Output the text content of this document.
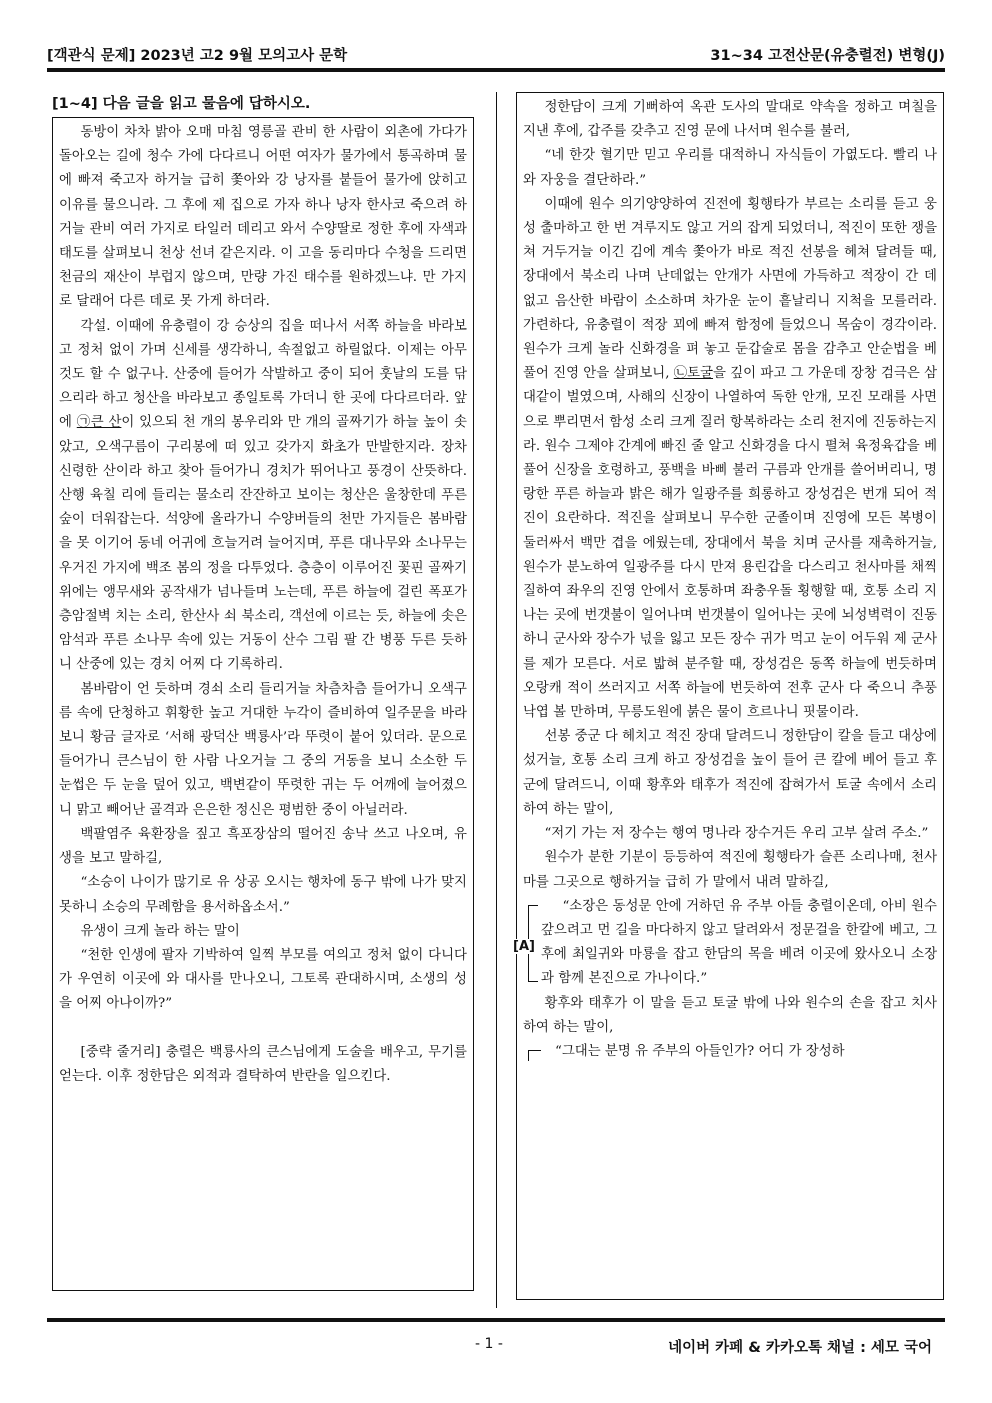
[객관식 문제] 2023년 고2 9월 모의고사 문학	31~34 고전산문(유충렬전) 변형(J)
[1~4] 다음 글을 읽고 물음에 답하시오.

동방이 차차 밝아 오매 마침 영릉골 관비 한 사람이 외촌에 가다가 돌아오는 길에 청수 가에 다다르니 어떤 여자가 물가에서 통곡하며 물에 빠져 죽고자 하거늘 급히 쫓아와 강 낭자를 붙들어 물가에 앉히고 이유를 물으니라. 그 후에 제 집으로 가자 하나 낭자 한사코 죽으려 하거늘 관비 여러 가지로 타일러 데리고 와서 수양딸로 정한 후에 자색과 태도를 살펴보니 천상 선녀 같은지라. 이 고을 동리마다 수청을 드리면 천금의 재산이 부럽지 않으며, 만량 가진 태수를 원하겠느냐. 만 가지로 달래어 다른 데로 못 가게 하더라.

각설. 이때에 유충렬이 강 승상의 집을 떠나서 서쪽 하늘을 바라보고 정처 없이 가며 신세를 생각하니, 속절없고 하릴없다. 이제는 아무것도 할 수 없구나. 산중에 들어가 삭발하고 중이 되어 훗날의 도를 닦으리라 하고 청산을 바라보고 종일토록 가더니 한 곳에 다다르더라. 앞에 ㉠큰 산이 있으되 천 개의 봉우리와 만 개의 골짜기가 하늘 높이 솟았고, 오색구름이 구리봉에 떠 있고 갖가지 화초가 만발한지라. 장차 신령한 산이라 하고 찾아 들어가니 경치가 뛰어나고 풍경이 산뜻하다. 산행 육칠 리에 들리는 물소리 잔잔하고 보이는 청산은 울창한데 푸른 숲이 더워잡는다. 석양에 올라가니 수양버들의 천만 가지들은 봄바람을 못 이기어 동네 어귀에 흐늘거려 늘어지며, 푸른 대나무와 소나무는 우거진 가지에 백조 봄의 정을 다투었다. 층층이 이루어진 꽃핀 골짜기 위에는 앵무새와 공작새가 넘나들며 노는데, 푸른 하늘에 걸린 폭포가 층암절벽 치는 소리, 한산사 쇠 북소리, 객선에 이르는 듯, 하늘에 솟은 암석과 푸른 소나무 속에 있는 거동이 산수 그림 팔 간 병풍 두른 듯하니 산중에 있는 경치 어찌 다 기록하리.

봄바람이 언 듯하며 경쇠 소리 들리거늘 차츰차츰 들어가니 오색구름 속에 단청하고 휘황한 높고 거대한 누각이 즐비하여 일주문을 바라보니 황금 글자로 ‘서해 광덕산 백룡사’라 뚜렷이 붙어 있더라. 문으로 들어가니 큰스님이 한 사람 나오거늘 그 중의 거동을 보니 소소한 두 눈썹은 두 눈을 덮어 있고, 백변같이 뚜렷한 귀는 두 어깨에 늘어졌으니 맑고 빼어난 골격과 은은한 정신은 평범한 중이 아닐러라.

백팔염주 육환장을 짚고 흑포장삼의 떨어진 송낙 쓰고 나오며, 유생을 보고 말하길,

“소승이 나이가 많기로 유 상공 오시는 행차에 동구 밖에 나가 맞지 못하니 소승의 무례함을 용서하옵소서.”

유생이 크게 놀라 하는 말이

“천한 인생에 팔자 기박하여 일찍 부모를 여의고 정처 없이 다니다가 우연히 이곳에 와 대사를 만나오니, 그토록 관대하시며, 소생의 성을 어찌 아나이까?”

[중략 줄거리] 충렬은 백룡사의 큰스님에게 도술을 배우고, 무기를 얻는다. 이후 정한담은 외적과 결탁하여 반란을 일으킨다.

정한담이 크게 기뻐하여 옥관 도사의 말대로 약속을 정하고 며칠을 지낸 후에, 갑주를 갖추고 진영 문에 나서며 원수를 불러,

“네 한갓 혈기만 믿고 우리를 대적하니 자식들이 가엾도다. 빨리 나와 자웅을 결단하라.”

이때에 원수 의기양양하여 진전에 횡행타가 부르는 소리를 듣고 웅성 출마하고 한 번 겨루지도 않고 거의 잡게 되었더니, 적진이 또한 쟁을 쳐 거두거늘 이긴 김에 계속 쫓아가 바로 적진 선봉을 헤쳐 달려들 때, 장대에서 북소리 나며 난데없는 안개가 사면에 가득하고 적장이 간 데 없고 음산한 바람이 소소하며 차가운 눈이 흩날리니 지척을 모를러라. 가련하다, 유충렬이 적장 꾀에 빠져 함정에 들었으니 목숨이 경각이라. 원수가 크게 놀라 신화경을 펴 놓고 둔갑술로 몸을 감추고 안순법을 베풀어 진영 안을 살펴보니, ㉡토굴을 깊이 파고 그 가운데 장창 검극은 삼대같이 벌였으며, 사해의 신장이 나열하여 독한 안개, 모진 모래를 사면으로 뿌리면서 함성 소리 크게 질러 항복하라는 소리 천지에 진동하는지라. 원수 그제야 간계에 빠진 줄 알고 신화경을 다시 펼쳐 육정육갑을 베풀어 신장을 호령하고, 풍백을 바삐 불러 구름과 안개를 쓸어버리니, 명랑한 푸른 하늘과 밝은 해가 일광주를 희롱하고 장성검은 번개 되어 적진이 요란하다. 적진을 살펴보니 무수한 군졸이며 진영에 모든 복병이 둘러싸서 백만 겹을 에웠는데, 장대에서 북을 치며 군사를 재촉하거늘, 원수가 분노하여 일광주를 다시 만져 용린갑을 다스리고 천사마를 채찍질하여 좌우의 진영 안에서 호통하며 좌충우돌 횡행할 때, 호통 소리 지나는 곳에 번갯불이 일어나며 번갯불이 일어나는 곳에 뇌성벽력이 진동하니 군사와 장수가 넋을 잃고 모든 장수 귀가 먹고 눈이 어두워 제 군사를 제가 모른다. 서로 밟혀 분주할 때, 장성검은 동쪽 하늘에 번듯하며 오랑캐 적이 쓰러지고 서쪽 하늘에 번듯하여 전후 군사 다 죽으니 추풍낙엽 볼 만하며, 무릉도원에 붉은 물이 흐르나니 핏물이라.

선봉 중군 다 헤치고 적진 장대 달려드니 정한담이 칼을 들고 대상에 섰거늘, 호통 소리 크게 하고 장성검을 높이 들어 큰 칼에 베어 들고 후군에 달려드니, 이때 황후와 태후가 적진에 잡혀가서 토굴 속에서 소리하여 하는 말이,

“저기 가는 저 장수는 행여 명나라 장수거든 우리 고부 살려 주소.”

원수가 분한 기분이 등등하여 적진에 횡행타가 슬픈 소리나매, 천사마를 그곳으로 행하거늘 급히 가 말에서 내려 말하길,

[A]

“소장은 동성문 안에 거하던 유 주부 아들 충렬이온데, 아비 원수 갚으려고 먼 길을 마다하지 않고 달려와서 정문걸을 한칼에 베고, 그 후에 최일귀와 마룡을 잡고 한담의 목을 베려 이곳에 왔사오니 소장과 함께 본진으로 가나이다.”

황후와 태후가 이 말을 듣고 토굴 밖에 나와 원수의 손을 잡고 치사하여 하는 말이,

“그대는 분명 유 주부의 아들인가? 어디 가 장성하

- 1 -	네이버 카페 & 카카오톡 채널 : 세모 국어
